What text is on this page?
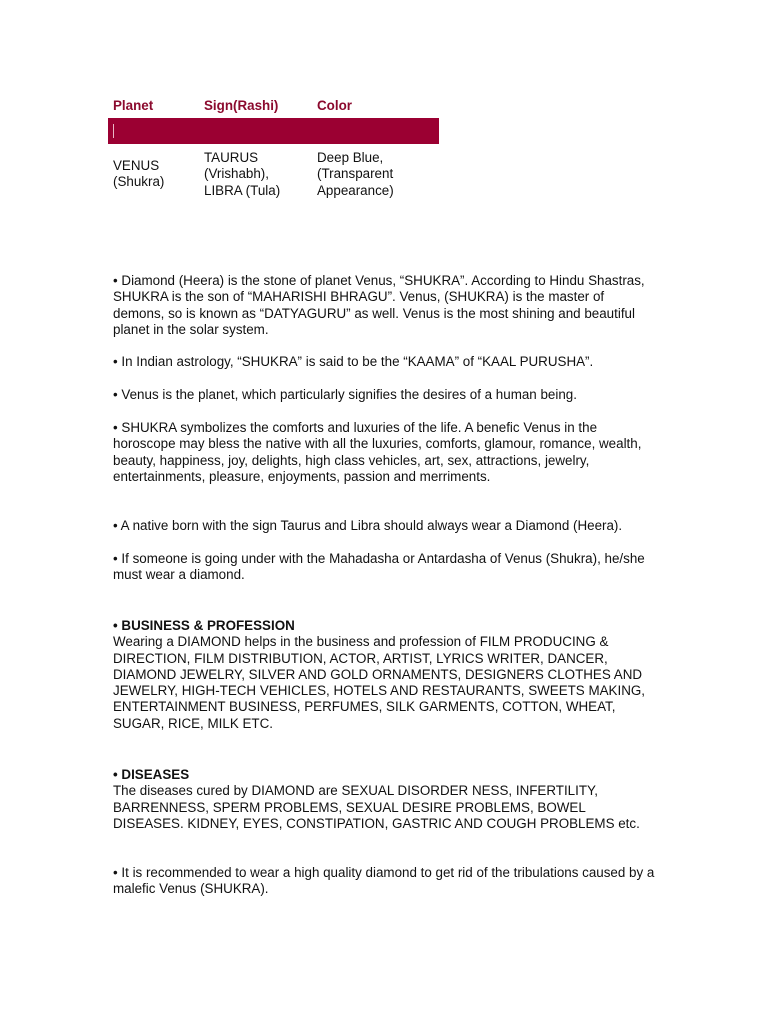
Planet	Sign(Rashi)	Color
VENUS
(Shukra)
TAURUS
(Vrishabh),
LIBRA (Tula)
Deep Blue,
(Transparent
Appearance)

• Diamond (Heera) is the stone of planet Venus, “SHUKRA”. According to Hindu Shastras, SHUKRA is the son of “MAHARISHI BHRAGU”. Venus, (SHUKRA) is the master of demons, so is known as “DATYAGURU” as well. Venus is the most shining and beautiful planet in the solar system.

• In Indian astrology, “SHUKRA” is said to be the “KAAMA” of “KAAL PURUSHA”.

• Venus is the planet, which particularly signifies the desires of a human being.

• SHUKRA symbolizes the comforts and luxuries of the life. A benefic Venus in the horoscope may bless the native with all the luxuries, comforts, glamour, romance, wealth, beauty, happiness, joy, delights, high class vehicles, art, sex, attractions, jewelry, entertainments, pleasure, enjoyments, passion and merriments.

• A native born with the sign Taurus and Libra should always wear a Diamond (Heera).

• If someone is going under with the Mahadasha or Antardasha of Venus (Shukra), he/she must wear a diamond.

• BUSINESS & PROFESSION
Wearing a DIAMOND helps in the business and profession of FILM PRODUCING & DIRECTION, FILM DISTRIBUTION, ACTOR, ARTIST, LYRICS WRITER, DANCER, DIAMOND JEWELRY, SILVER AND GOLD ORNAMENTS, DESIGNERS CLOTHES AND JEWELRY, HIGH-TECH VEHICLES, HOTELS AND RESTAURANTS, SWEETS MAKING, ENTERTAINMENT BUSINESS, PERFUMES, SILK GARMENTS, COTTON, WHEAT, SUGAR, RICE, MILK ETC.

• DISEASES
The diseases cured by DIAMOND are SEXUAL DISORDER NESS, INFERTILITY, BARRENNESS, SPERM PROBLEMS, SEXUAL DESIRE PROBLEMS, BOWEL DISEASES. KIDNEY, EYES, CONSTIPATION, GASTRIC AND COUGH PROBLEMS etc.

• It is recommended to wear a high quality diamond to get rid of the tribulations caused by a malefic Venus (SHUKRA).
